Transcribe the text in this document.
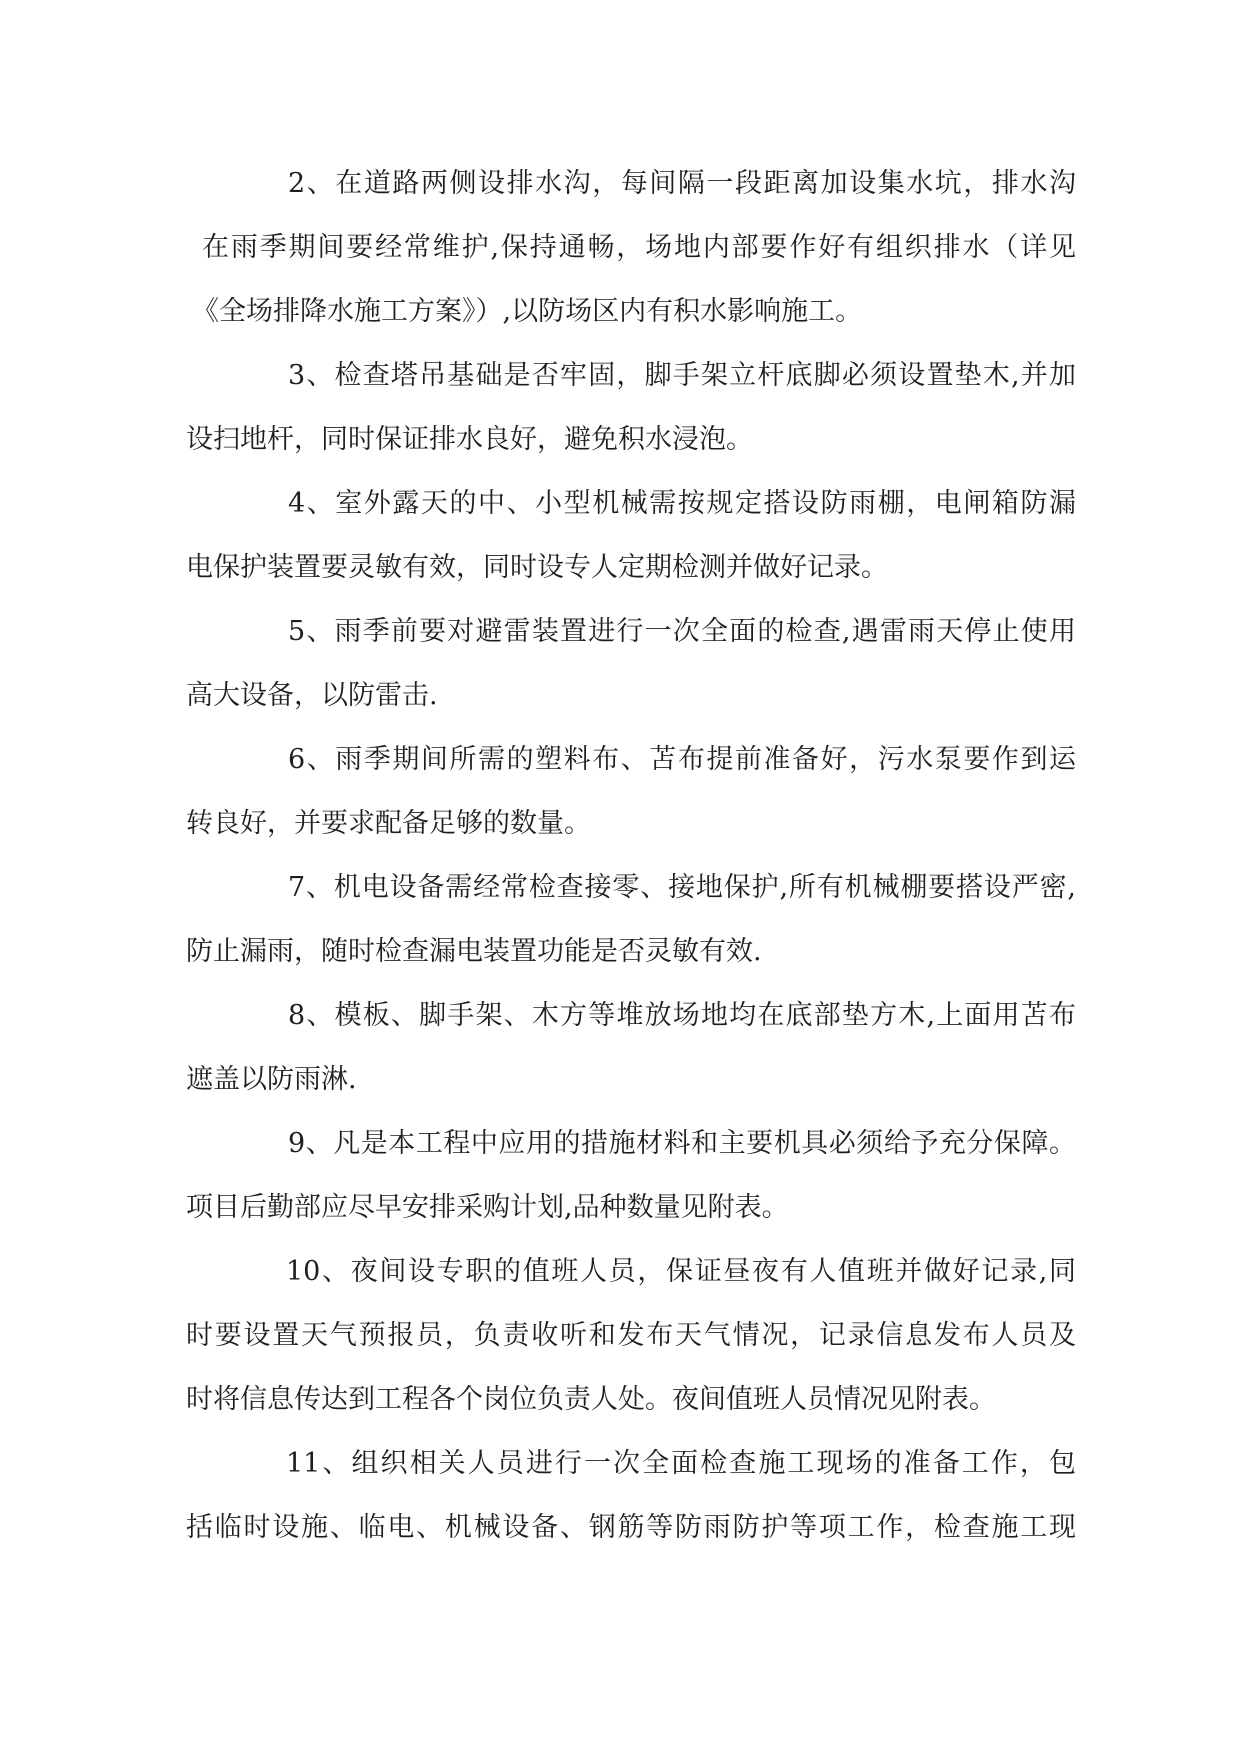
2、在道路两侧设排水沟，每间隔一段距离加设集水坑，排水沟
在雨季期间要经常维护,保持通畅，场地内部要作好有组织排水（详见
《全场排降水施工方案》）,以防场区内有积水影响施工。
3、检查塔吊基础是否牢固，脚手架立杆底脚必须设置垫木,并加
设扫地杆，同时保证排水良好，避免积水浸泡。
4、室外露天的中、小型机械需按规定搭设防雨棚，电闸箱防漏
电保护装置要灵敏有效，同时设专人定期检测并做好记录。
5、雨季前要对避雷装置进行一次全面的检查,遇雷雨天停止使用
高大设备，以防雷击.
6、雨季期间所需的塑料布、苫布提前准备好，污水泵要作到运
转良好，并要求配备足够的数量。
7、机电设备需经常检查接零、接地保护,所有机械棚要搭设严密,
防止漏雨，随时检查漏电装置功能是否灵敏有效.
8、模板、脚手架、木方等堆放场地均在底部垫方木,上面用苫布
遮盖以防雨淋.
9、凡是本工程中应用的措施材料和主要机具必须给予充分保障。
项目后勤部应尽早安排采购计划,品种数量见附表。
10、夜间设专职的值班人员，保证昼夜有人值班并做好记录,同
时要设置天气预报员，负责收听和发布天气情况，记录信息发布人员及
时将信息传达到工程各个岗位负责人处。夜间值班人员情况见附表。
11、组织相关人员进行一次全面检查施工现场的准备工作，包
括临时设施、临电、机械设备、钢筋等防雨防护等项工作，检查施工现
